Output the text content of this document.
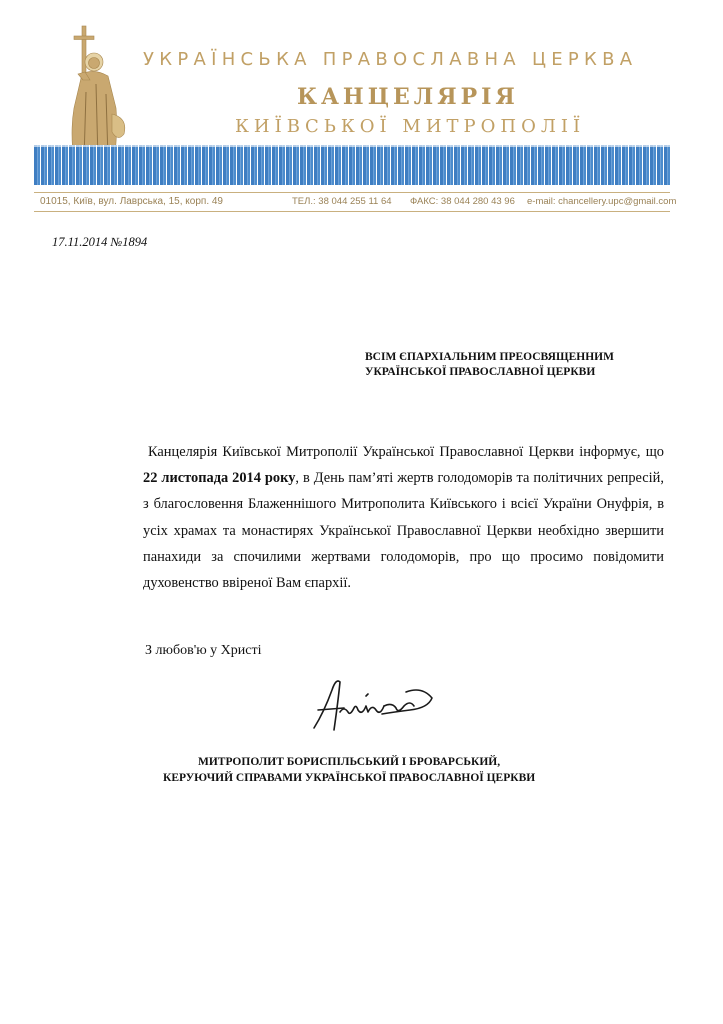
УКРАЇНСЬКА ПРАВОСЛАВНА ЦЕРКВА
КАНЦЕЛЯРІЯ
КИЇВСЬКОЇ МИТРОПОЛІЇ
01015, Київ, вул. Лаврська, 15, корп. 49	ТЕЛ.: 38 044 255 11 64 ФАКС: 38 044 280 43 96 e-mail: chancellery.upc@gmail.com
17.11.2014 №1894
ВСІМ ЄПАРХІАЛЬНИМ ПРЕОСВЯЩЕННИМ
УКРАЇНСЬКОЇ ПРАВОСЛАВНОЇ ЦЕРКВИ
Канцелярія Київської Митрополії Української Православної Церкви інформує, що 22 листопада 2014 року, в День пам’яті жертв голодоморів та політичних репресій, з благословення Блаженнішого Митрополита Київського і всієї України Онуфрія, в усіх храмах та монастирях Української Православної Церкви необхідно звершити панахиди за спочилими жертвами голодоморів, про що просимо повідомити духовенство ввіреної Вам єпархії.
З любов'ю у Христі
МИТРОПОЛИТ БОРИСПІЛЬСЬКИЙ І БРОВАРСЬКИЙ,
КЕРУЮЧИЙ СПРАВАМИ УКРАЇНСЬКОЇ ПРАВОСЛАВНОЇ ЦЕРКВИ
